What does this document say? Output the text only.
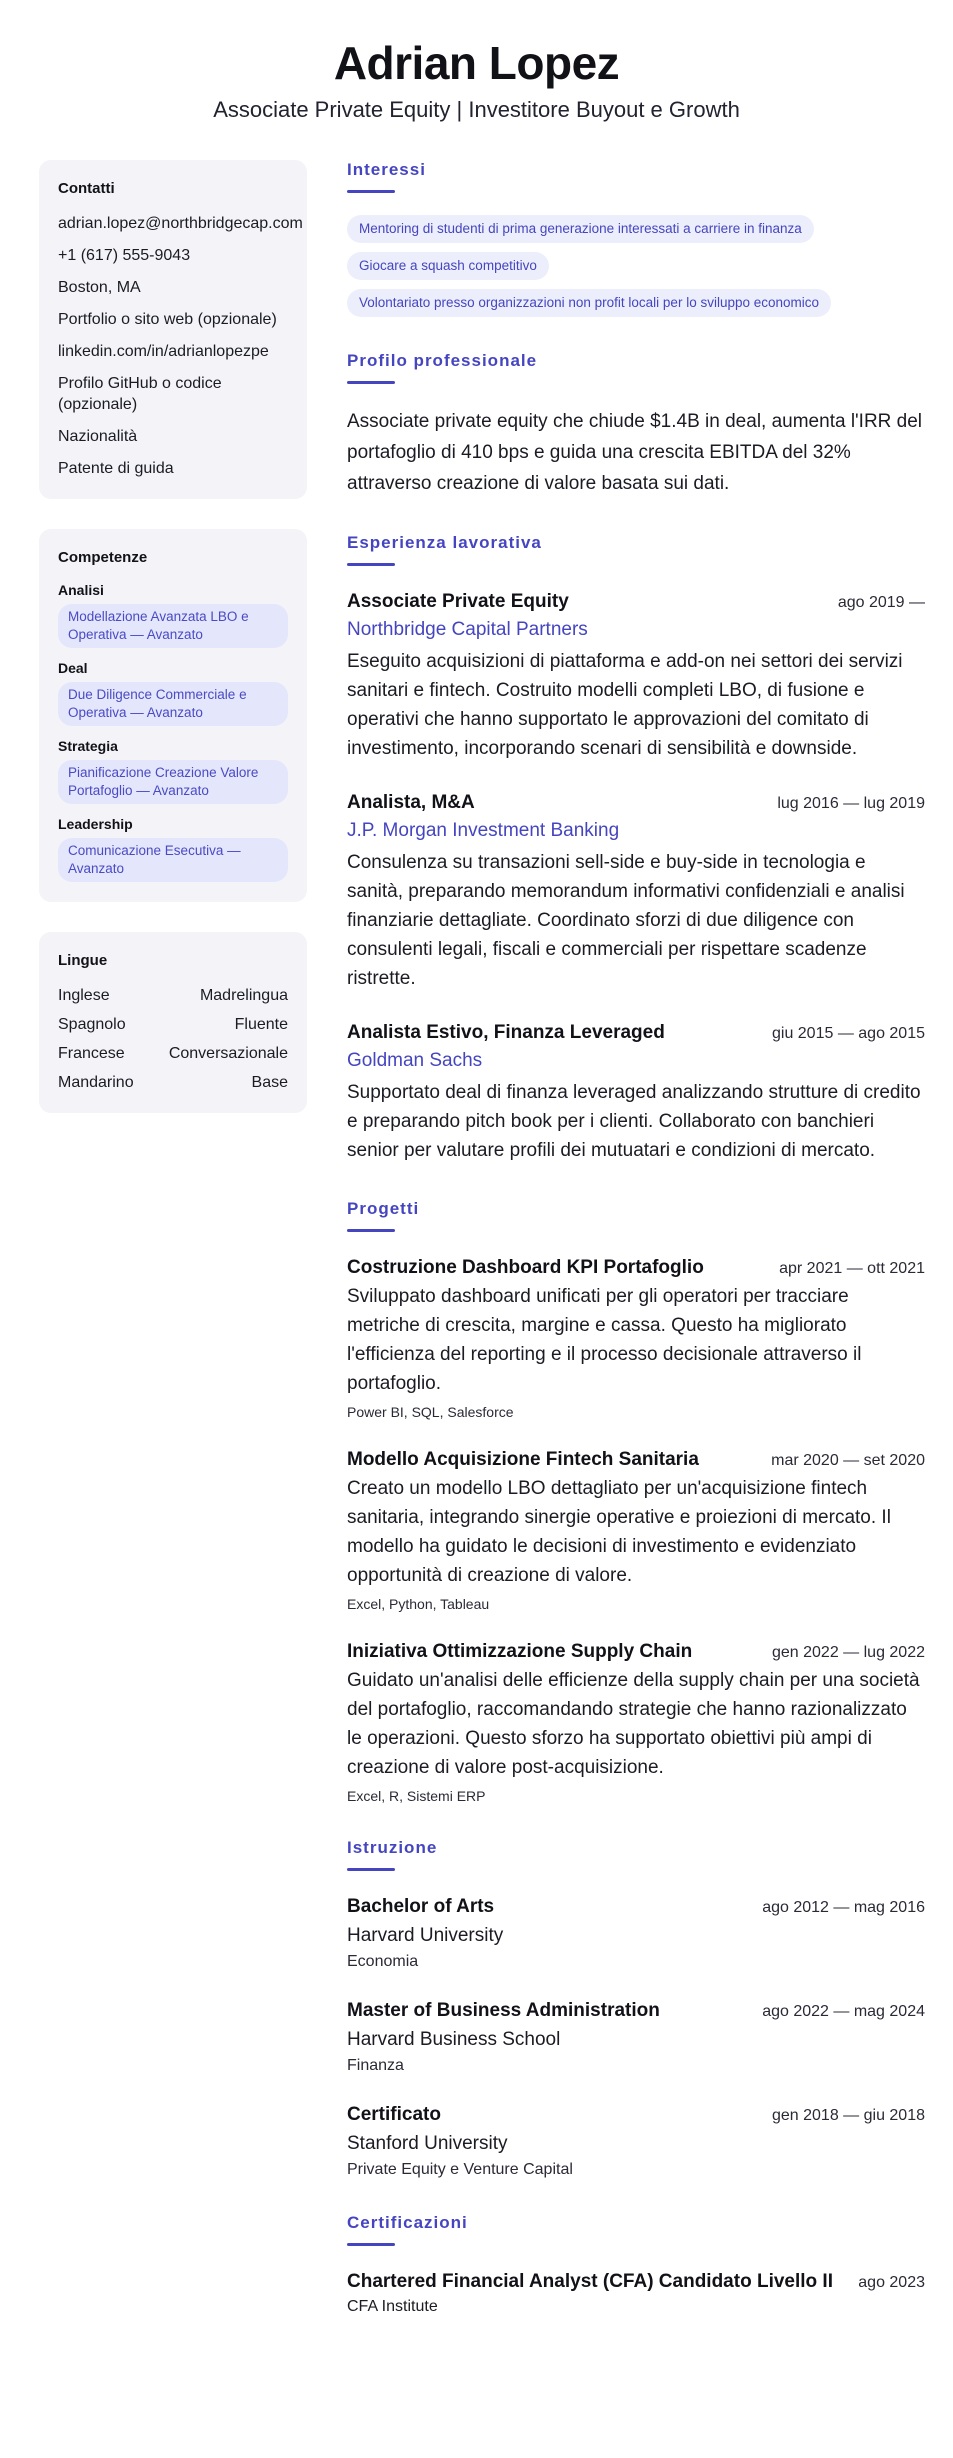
Adrian Lopez
Associate Private Equity | Investitore Buyout e Growth
Contatti
adrian.lopez@northbridgecap.com
+1 (617) 555-9043
Boston, MA
Portfolio o sito web (opzionale)
linkedin.com/in/adrianlopezpe
Profilo GitHub o codice (opzionale)
Nazionalità
Patente di guida
Competenze
Analisi
Modellazione Avanzata LBO e Operativa — Avanzato
Deal
Due Diligence Commerciale e Operativa — Avanzato
Strategia
Pianificazione Creazione Valore Portafoglio — Avanzato
Leadership
Comunicazione Esecutiva — Avanzato
Lingue
Inglese	Madrelingua
Spagnolo	Fluente
Francese	Conversazionale
Mandarino	Base
Interessi
Mentoring di studenti di prima generazione interessati a carriere in finanza
Giocare a squash competitivo
Volontariato presso organizzazioni non profit locali per lo sviluppo economico
Profilo professionale
Associate private equity che chiude $1.4B in deal, aumenta l'IRR del portafoglio di 410 bps e guida una crescita EBITDA del 32% attraverso creazione di valore basata sui dati.
Esperienza lavorativa
Associate Private Equity	ago 2019 —
Northbridge Capital Partners
Eseguito acquisizioni di piattaforma e add-on nei settori dei servizi sanitari e fintech. Costruito modelli completi LBO, di fusione e operativi che hanno supportato le approvazioni del comitato di investimento, incorporando scenari di sensibilità e downside.
Analista, M&A	lug 2016 — lug 2019
J.P. Morgan Investment Banking
Consulenza su transazioni sell-side e buy-side in tecnologia e sanità, preparando memorandum informativi confidenziali e analisi finanziarie dettagliate. Coordinato sforzi di due diligence con consulenti legali, fiscali e commerciali per rispettare scadenze ristrette.
Analista Estivo, Finanza Leveraged	giu 2015 — ago 2015
Goldman Sachs
Supportato deal di finanza leveraged analizzando strutture di credito e preparando pitch book per i clienti. Collaborato con banchieri senior per valutare profili dei mutuatari e condizioni di mercato.
Progetti
Costruzione Dashboard KPI Portafoglio	apr 2021 — ott 2021
Sviluppato dashboard unificati per gli operatori per tracciare metriche di crescita, margine e cassa. Questo ha migliorato l'efficienza del reporting e il processo decisionale attraverso il portafoglio.
Power BI, SQL, Salesforce
Modello Acquisizione Fintech Sanitaria	mar 2020 — set 2020
Creato un modello LBO dettagliato per un'acquisizione fintech sanitaria, integrando sinergie operative e proiezioni di mercato. Il modello ha guidato le decisioni di investimento e evidenziato opportunità di creazione di valore.
Excel, Python, Tableau
Iniziativa Ottimizzazione Supply Chain	gen 2022 — lug 2022
Guidato un'analisi delle efficienze della supply chain per una società del portafoglio, raccomandando strategie che hanno razionalizzato le operazioni. Questo sforzo ha supportato obiettivi più ampi di creazione di valore post-acquisizione.
Excel, R, Sistemi ERP
Istruzione
Bachelor of Arts	ago 2012 — mag 2016
Harvard University
Economia
Master of Business Administration	ago 2022 — mag 2024
Harvard Business School
Finanza
Certificato	gen 2018 — giu 2018
Stanford University
Private Equity e Venture Capital
Certificazioni
Chartered Financial Analyst (CFA) Candidato Livello II ago 2023
CFA Institute
